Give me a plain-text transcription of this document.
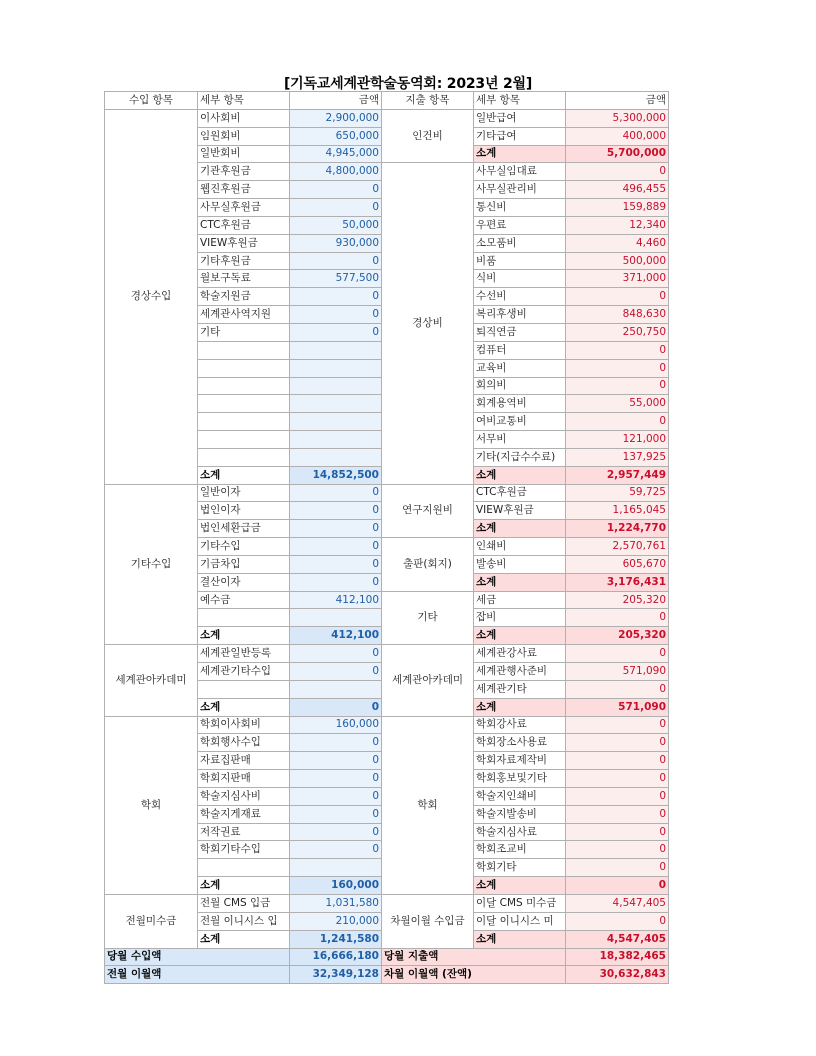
[기독교세계관학술동역회: 2023년 2월]
수입 항목	세부 항목	금액	지출 항목	세부 항목	금액
경상수입	이사회비	2,900,000	인건비	일반급여	5,300,000
	임원회비	650,000		기타급여	400,000
	일반회비	4,945,000		소계	5,700,000
	기관후원금	4,800,000	경상비	사무실임대료	0
	웹진후원금	0		사무실관리비	496,455
	사무실후원금	0		통신비	159,889
	CTC후원금	50,000		우편료	12,340
	VIEW후원금	930,000		소모품비	4,460
	기타후원금	0		비품	500,000
	월보구독료	577,500		식비	371,000
	학술지원금	0		수선비	0
	세계관사역지원	0		복리후생비	848,630
	기타	0		퇴직연금	250,750
				컴퓨터	0
				교육비	0
				회의비	0
				회계용역비	55,000
				여비교통비	0
				서무비	121,000
				기타(지급수수료)	137,925
	소계	14,852,500		소계	2,957,449
기타수입	일반이자	0	연구지원비	CTC후원금	59,725
	법인이자	0		VIEW후원금	1,165,045
	법인세환급금	0		소계	1,224,770
	기타수입	0	출판(회지)	인쇄비	2,570,761
	기금차입	0		발송비	605,670
	결산이자	0		소계	3,176,431
	예수금	412,100	기타	세금	205,320
				잡비	0
	소계	412,100		소계	205,320
세계관아카데미	세계관일반등록	0	세계관아카데미	세계관강사료	0
	세계관기타수입	0		세계관행사준비	571,090
				세계관기타	0
	소계	0		소계	571,090
학회	학회이사회비	160,000	학회	학회강사료	0
	학회행사수입	0		학회장소사용료	0
	자료집판매	0		학회자료제작비	0
	학회지판매	0		학회홍보및기타	0
	학술지심사비	0		학술지인쇄비	0
	학술지게재료	0		학술지발송비	0
	저작권료	0		학술지심사료	0
	학회기타수입	0		학회조교비	0
				학회기타	0
	소계	160,000		소계	0
전월미수금	전월 CMS 입금	1,031,580	차월이월 수입금	이달 CMS 미수금	4,547,405
	전월 이니시스 입	210,000		이달 이니시스 미	0
	소계	1,241,580		소계	4,547,405
당월 수입액		16,666,180	당월 지출액		18,382,465
전월 이월액		32,349,128	차월 이월액 (잔액)		30,632,843
